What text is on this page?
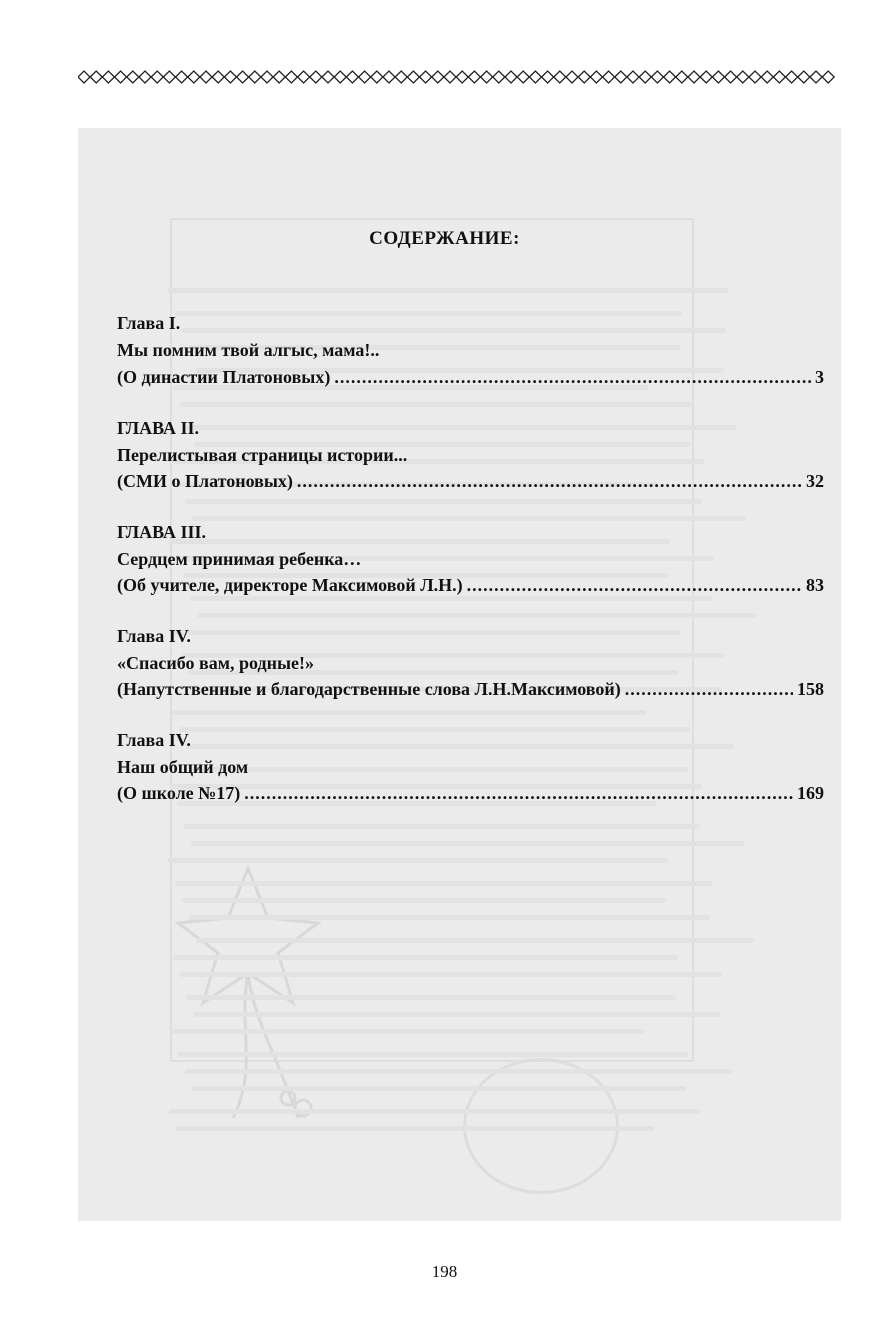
СОДЕРЖАНИЕ:
Глава I.
Мы помним твой алгыс, мама!..
(О династии Платоновых) .....	3
ГЛАВА II.
Перелистывая страницы истории...
(СМИ о Платоновых) .....	32
ГЛАВА III.
Сердцем принимая ребенка…
(Об учителе, директоре Максимовой Л.Н.) .....	83
Глава IV.
«Спасибо вам, родные!»
(Напутственные и благодарственные слова Л.Н.Максимовой) .....	158
Глава IV.
Наш общий дом
(О школе №17) .....	169
198
